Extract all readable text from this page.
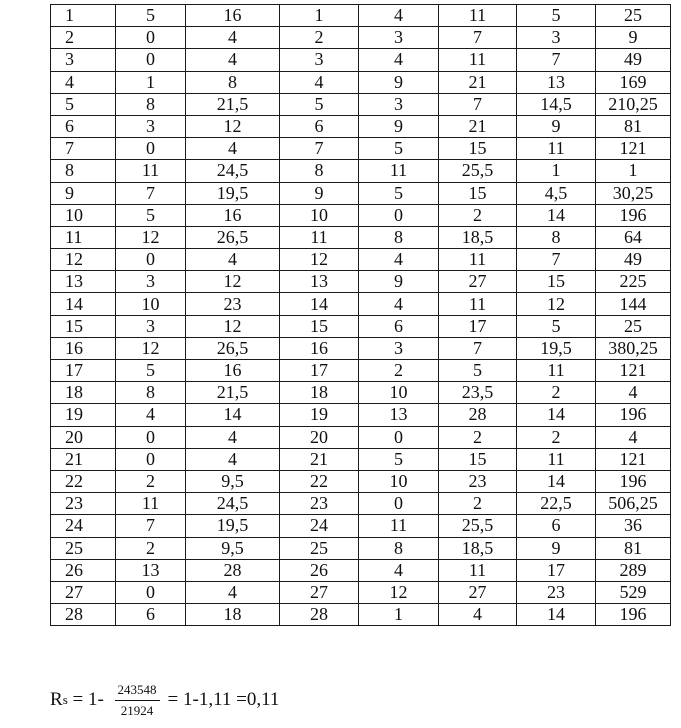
1	5	16	1	4	11	5	25
2	0	4	2	3	7	3	9
3	0	4	3	4	11	7	49
4	1	8	4	9	21	13	169
5	8	21,5	5	3	7	14,5	210,25
6	3	12	6	9	21	9	81
7	0	4	7	5	15	11	121
8	11	24,5	8	11	25,5	1	1
9	7	19,5	9	5	15	4,5	30,25
10	5	16	10	0	2	14	196
11	12	26,5	11	8	18,5	8	64
12	0	4	12	4	11	7	49
13	3	12	13	9	27	15	225
14	10	23	14	4	11	12	144
15	3	12	15	6	17	5	25
16	12	26,5	16	3	7	19,5	380,25
17	5	16	17	2	5	11	121
18	8	21,5	18	10	23,5	2	4
19	4	14	19	13	28	14	196
20	0	4	20	0	2	2	4
21	0	4	21	5	15	11	121
22	2	9,5	22	10	23	14	196
23	11	24,5	23	0	2	22,5	506,25
24	7	19,5	24	11	25,5	6	36
25	2	9,5	25	8	18,5	9	81
26	13	28	26	4	11	17	289
27	0	4	27	12	27	23	529
28	6	18	28	1	4	14	196
R $s = 1- \frac{243548}{21924} = 1-1,11 =0,11$
